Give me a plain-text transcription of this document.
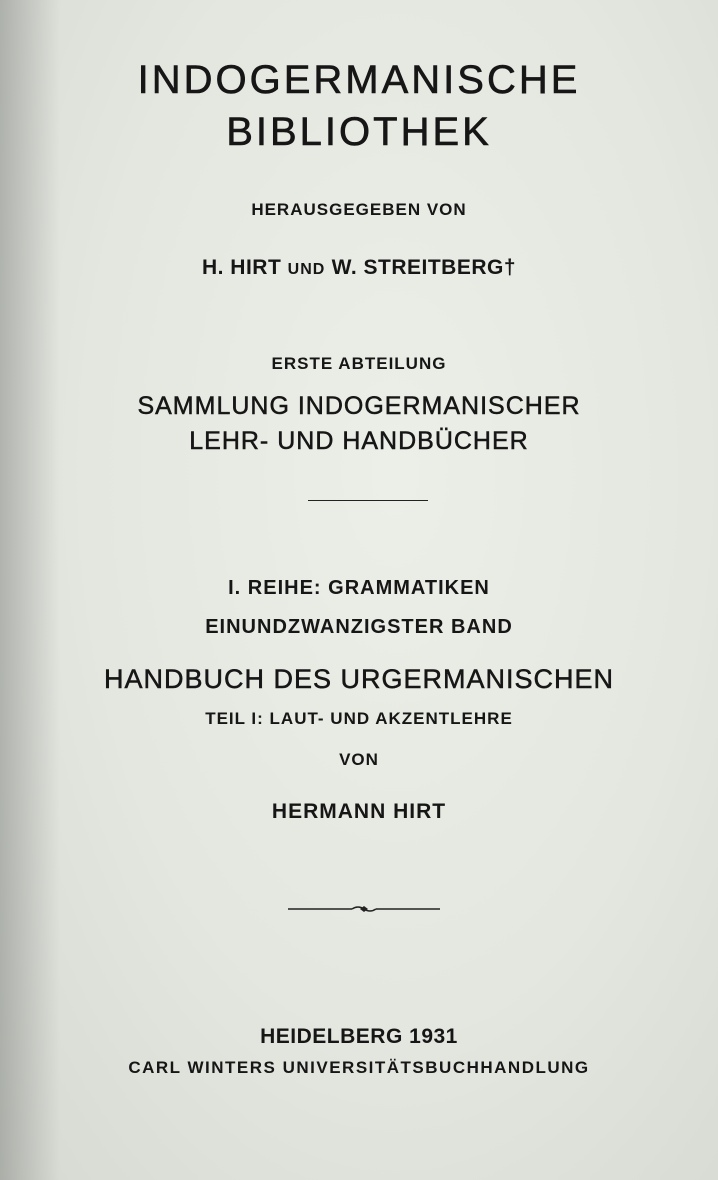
INDOGERMANISCHE
BIBLIOTHEK
HERAUSGEGEBEN VON
H. HIRT UND W. STREITBERG†
ERSTE ABTEILUNG
SAMMLUNG INDOGERMANISCHER
LEHR- UND HANDBÜCHER
I. REIHE: GRAMMATIKEN
EINUNDZWANZIGSTER BAND
HANDBUCH DES URGERMANISCHEN
TEIL I: LAUT- UND AKZENTLEHRE
VON
HERMANN HIRT
HEIDELBERG 1931
CARL WINTERS UNIVERSITÄTSBUCHHANDLUNG
